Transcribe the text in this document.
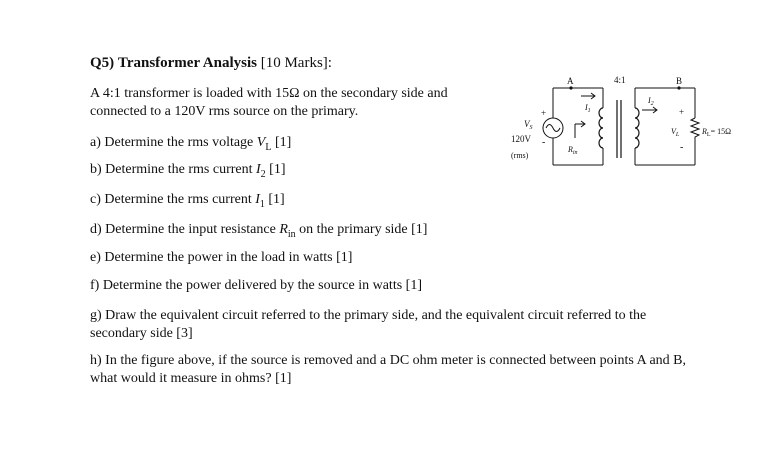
Q5) Transformer Analysis [10 Marks]:
A 4:1 transformer is loaded with 15Ω on the secondary side and connected to a 120V rms source on the primary.
a) Determine the rms voltage $V_L$ [1]
b) Determine the rms current $I_2$ [1]
c) Determine the rms current $I_1$ [1]
d) Determine the input resistance $R_{in}$ on the primary side [1]
e) Determine the power in the load in watts [1]
f) Determine the power delivered by the source in watts [1]
g) Draw the equivalent circuit referred to the primary side, and the equivalent circuit referred to the secondary side [3]
h) In the figure above, if the source is removed and a DC ohm meter is connected between points A and B, what would it measure in ohms? [1]
A	B
4:1
+
-
$V_S$
120V
(rms)
$I_1$
$I_2$
$R_{in}$
+
-
$V_L$	$R_L= 15\Omega$
